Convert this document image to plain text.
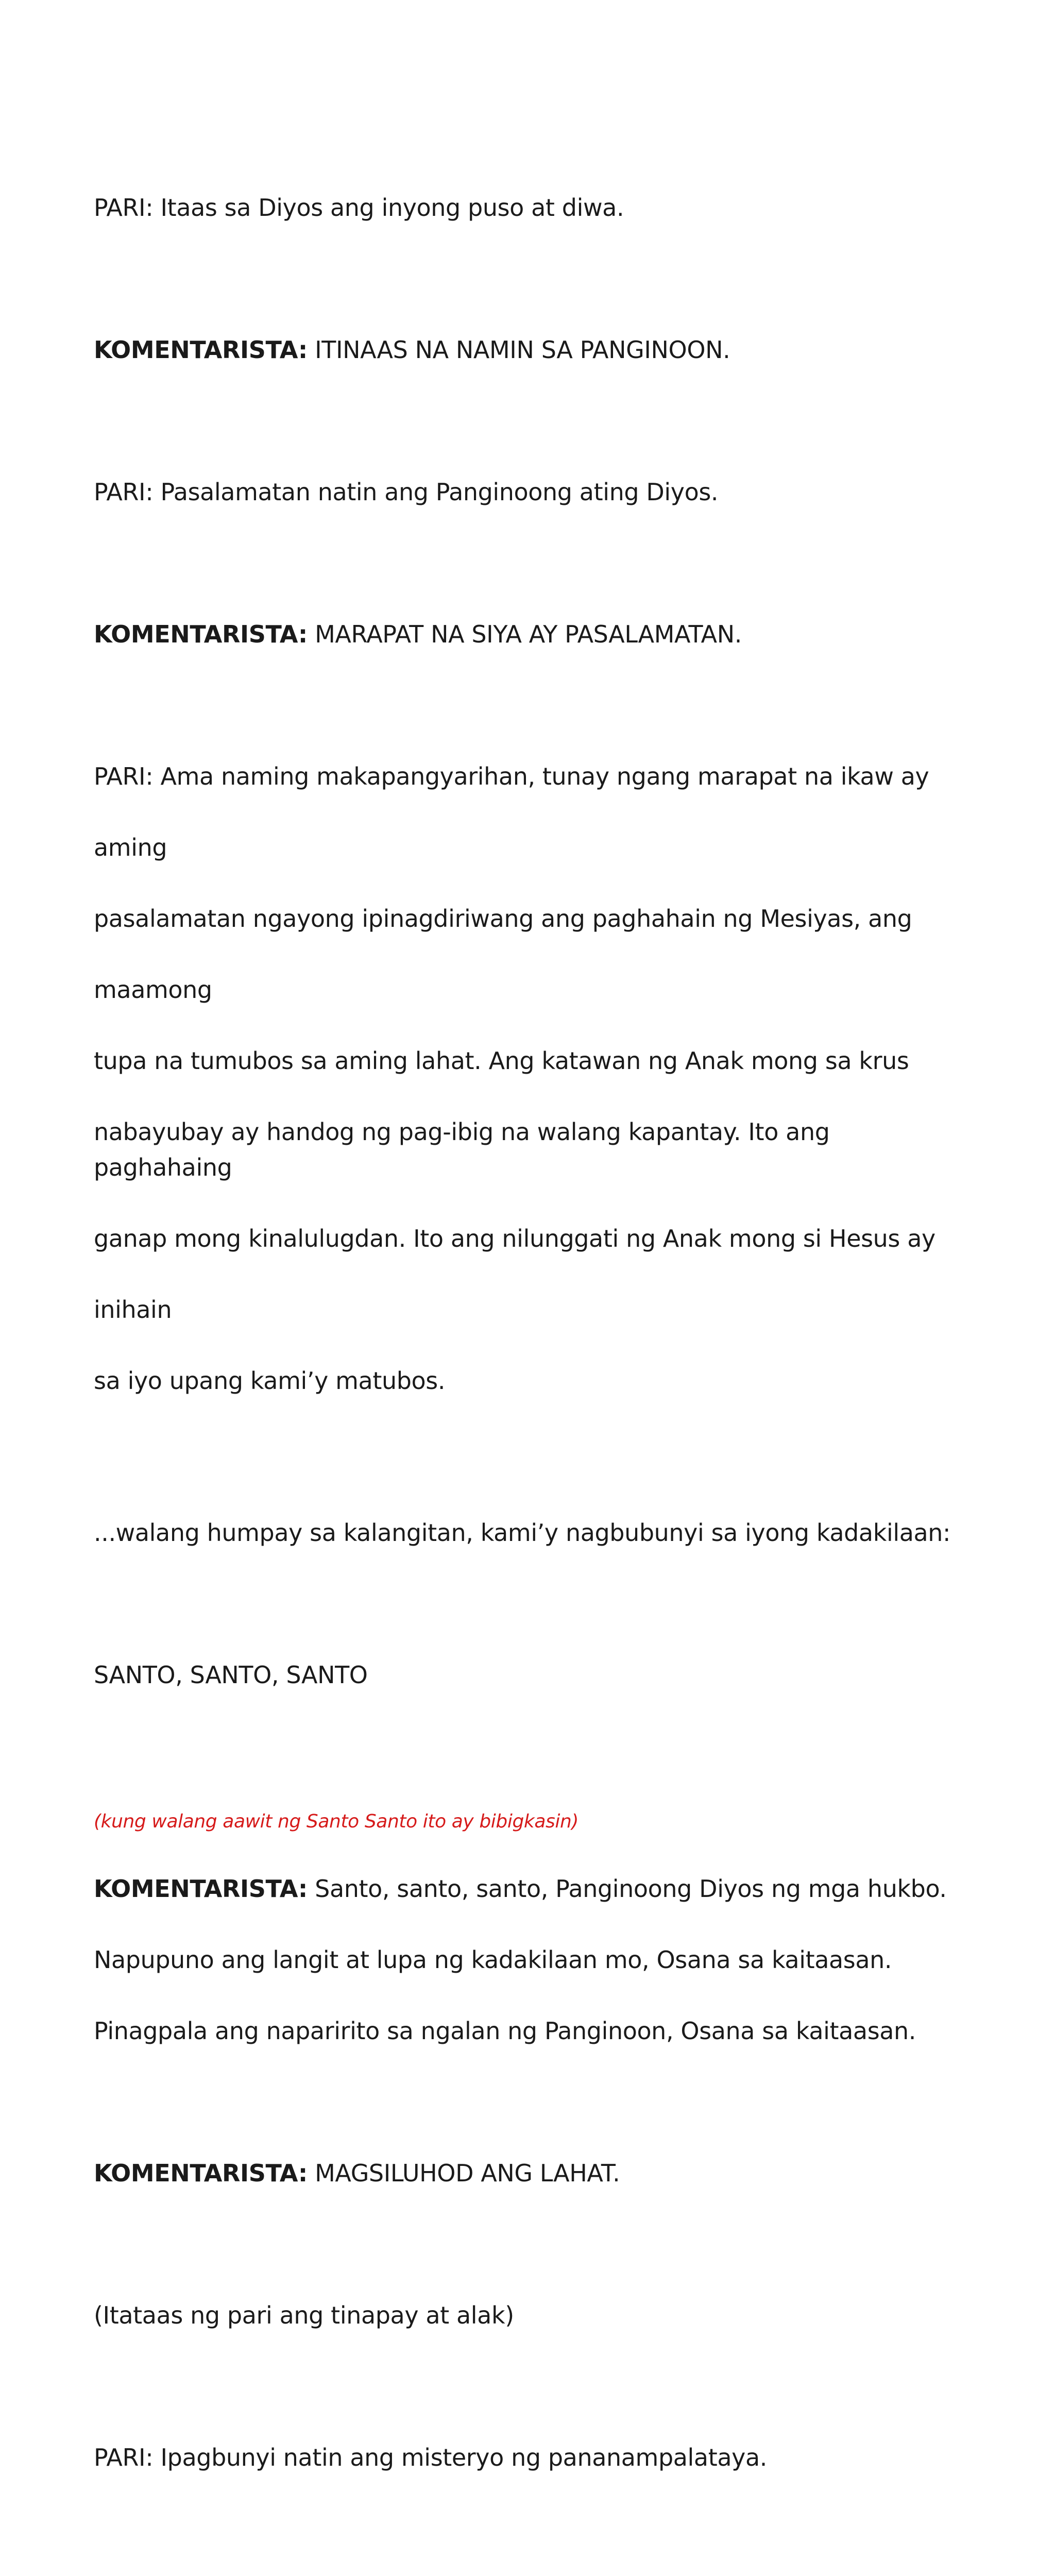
PARI: Itaas sa Diyos ang inyong puso at diwa.

KOMENTARISTA: ITINAAS NA NAMIN SA PANGINOON.

PARI: Pasalamatan natin ang Panginoong ating Diyos.

KOMENTARISTA: MARAPAT NA SIYA AY PASALAMATAN.

PARI: Ama naming makapangyarihan, tunay ngang marapat na ikaw ay

aming

pasalamatan ngayong ipinagdiriwang ang paghahain ng Mesiyas, ang

maamong

tupa na tumubos sa aming lahat. Ang katawan ng Anak mong sa krus

nabayubay ay handog ng pag-ibig na walang kapantay. Ito ang paghahaing

ganap mong kinalulugdan. Ito ang nilunggati ng Anak mong si Hesus ay

inihain

sa iyo upang kami’y matubos.

...walang humpay sa kalangitan, kami’y nagbubunyi sa iyong kadakilaan:

SANTO, SANTO, SANTO

(kung walang aawit ng Santo Santo ito ay bibigkasin)

KOMENTARISTA: Santo, santo, santo, Panginoong Diyos ng mga hukbo.

Napupuno ang langit at lupa ng kadakilaan mo, Osana sa kaitaasan.

Pinagpala ang naparirito sa ngalan ng Panginoon, Osana sa kaitaasan.

KOMENTARISTA: MAGSILUHOD ANG LAHAT.

(Itataas ng pari ang tinapay at alak)

PARI: Ipagbunyi natin ang misteryo ng pananampalataya.
